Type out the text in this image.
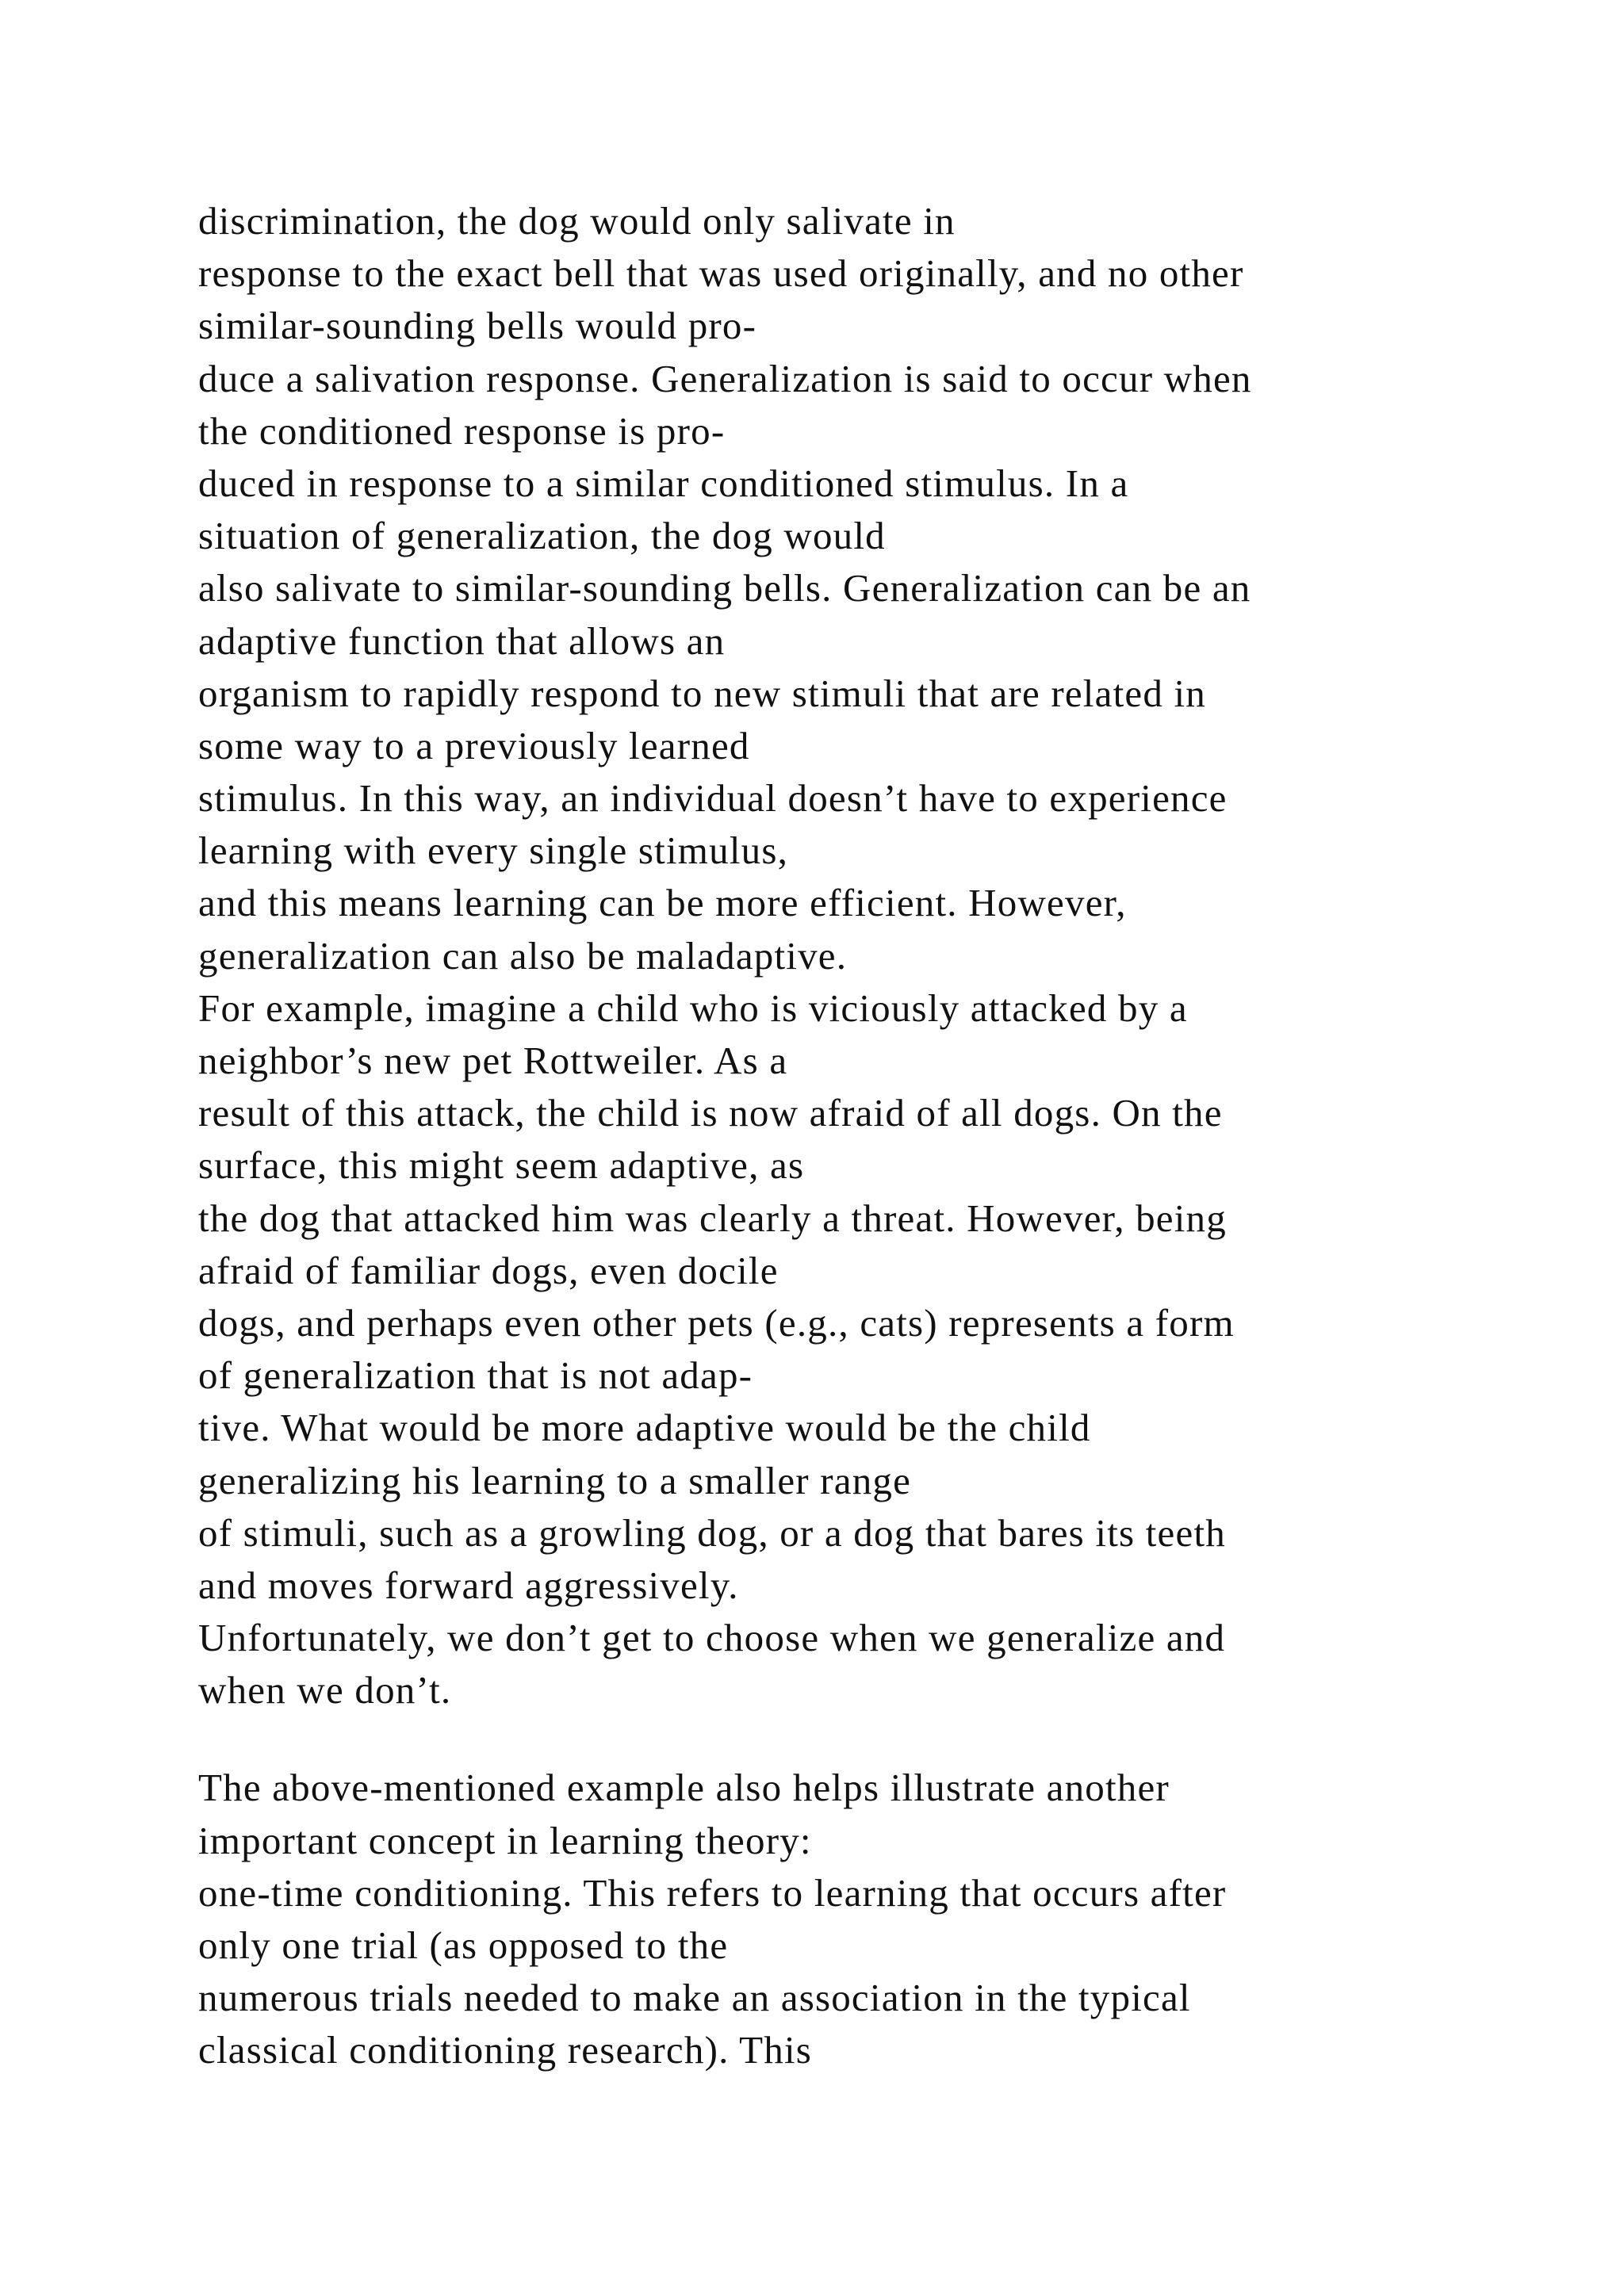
discrimination, the dog would only salivate in
response to the exact bell that was used originally, and no other
similar-sounding bells would pro-
duce a salivation response. Generalization is said to occur when
the conditioned response is pro-
duced in response to a similar conditioned stimulus. In a
situation of generalization, the dog would
also salivate to similar-sounding bells. Generalization can be an
adaptive function that allows an
organism to rapidly respond to new stimuli that are related in
some way to a previously learned
stimulus. In this way, an individual doesn’t have to experience
learning with every single stimulus,
and this means learning can be more efficient. However,
generalization can also be maladaptive.
For example, imagine a child who is viciously attacked by a
neighbor’s new pet Rottweiler. As a
result of this attack, the child is now afraid of all dogs. On the
surface, this might seem adaptive, as
the dog that attacked him was clearly a threat. However, being
afraid of familiar dogs, even docile
dogs, and perhaps even other pets (e.g., cats) represents a form
of generalization that is not adap-
tive. What would be more adaptive would be the child
generalizing his learning to a smaller range
of stimuli, such as a growling dog, or a dog that bares its teeth
and moves forward aggressively.
Unfortunately, we don’t get to choose when we generalize and
when we don’t.
The above-mentioned example also helps illustrate another
important concept in learning theory:
one-time conditioning. This refers to learning that occurs after
only one trial (as opposed to the
numerous trials needed to make an association in the typical
classical conditioning research). This
